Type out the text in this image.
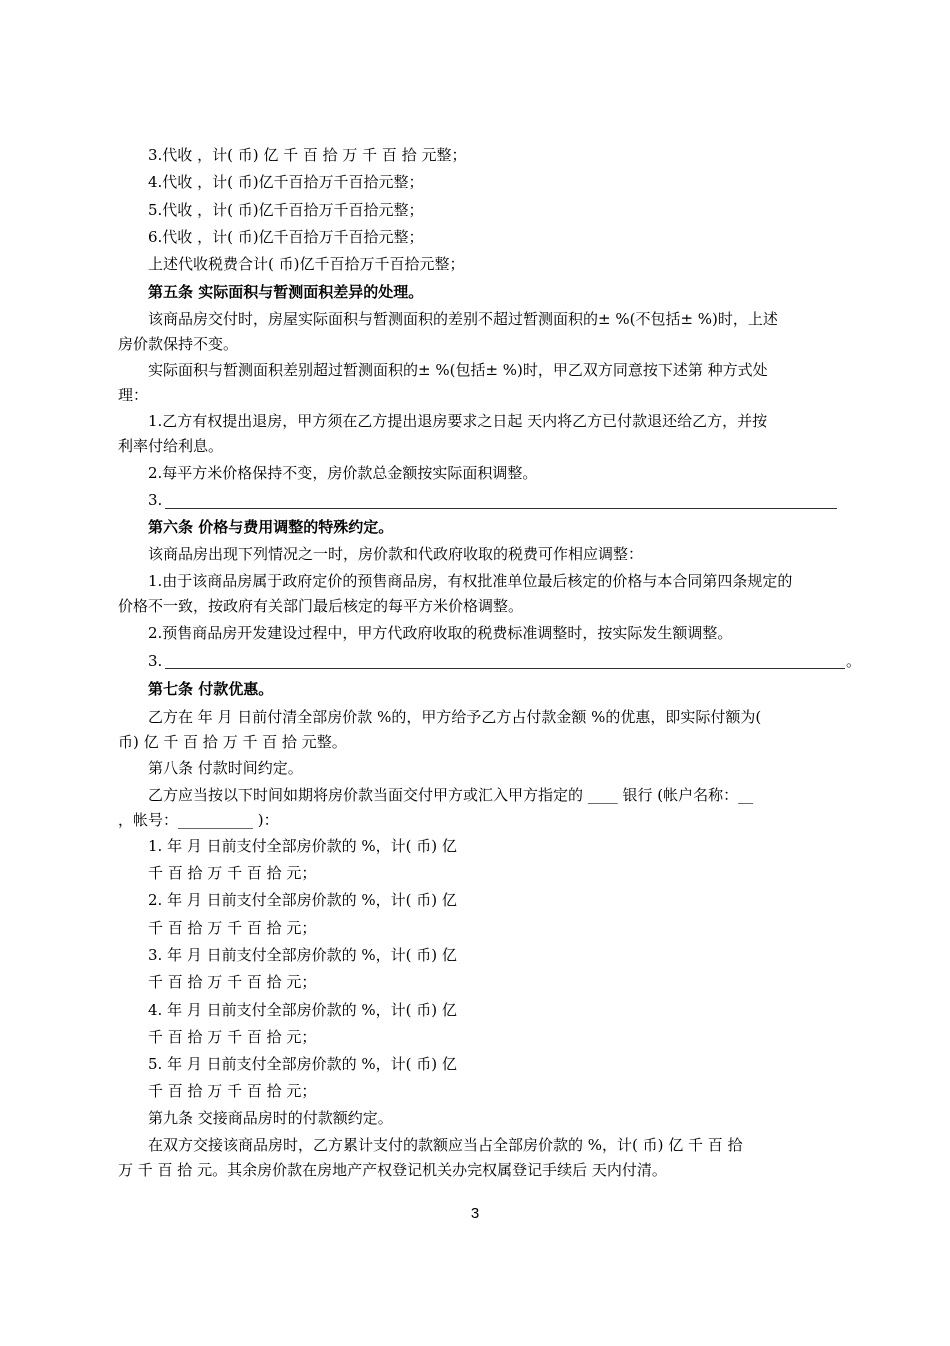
3.代收 ，计( 币) 亿 千 百 拾 万 千 百 拾 元整；
4.代收 ，计( 币)亿千百拾万千百拾元整；
5.代收 ，计( 币)亿千百拾万千百拾元整；
6.代收 ，计( 币)亿千百拾万千百拾元整；
上述代收税费合计( 币)亿千百拾万千百拾元整；
第五条 实际面积与暂测面积差异的处理。
该商品房交付时，房屋实际面积与暂测面积的差别不超过暂测面积的± %(不包括± %)时，上述
房价款保持不变。
实际面积与暂测面积差别超过暂测面积的± %(包括± %)时，甲乙双方同意按下述第 种方式处
理：
1.乙方有权提出退房，甲方须在乙方提出退房要求之日起 天内将乙方已付款退还给乙方，并按
利率付给利息。
2.每平方米价格保持不变，房价款总金额按实际面积调整。
3.
第六条 价格与费用调整的特殊约定。
该商品房出现下列情况之一时，房价款和代政府收取的税费可作相应调整：
1.由于该商品房属于政府定价的预售商品房，有权批准单位最后核定的价格与本合同第四条规定的
价格不一致，按政府有关部门最后核定的每平方米价格调整。
2.预售商品房开发建设过程中，甲方代政府收取的税费标准调整时，按实际发生额调整。
3.
第七条 付款优惠。
乙方在 年 月 日前付清全部房价款 %的，甲方给予乙方占付款金额 %的优惠，即实际付额为(
币) 亿 千 百 拾 万 千 百 拾 元整。
第八条 付款时间约定。
乙方应当按以下时间如期将房价款当面交付甲方或汇入甲方指定的 ____ 银行 (帐户名称：__
，帐号：__________ )：
1. 年 月 日前支付全部房价款的 %，计( 币) 亿
千 百 拾 万 千 百 拾 元；
2. 年 月 日前支付全部房价款的 %，计( 币) 亿
千 百 拾 万 千 百 拾 元；
3. 年 月 日前支付全部房价款的 %，计( 币) 亿
千 百 拾 万 千 百 拾 元；
4. 年 月 日前支付全部房价款的 %，计( 币) 亿
千 百 拾 万 千 百 拾 元；
5. 年 月 日前支付全部房价款的 %，计( 币) 亿
千 百 拾 万 千 百 拾 元；
第九条 交接商品房时的付款额约定。
在双方交接该商品房时，乙方累计支付的款额应当占全部房价款的 %，计( 币) 亿 千 百 拾
万 千 百 拾 元。其余房价款在房地产产权登记机关办完权属登记手续后 天内付清。
。
3
